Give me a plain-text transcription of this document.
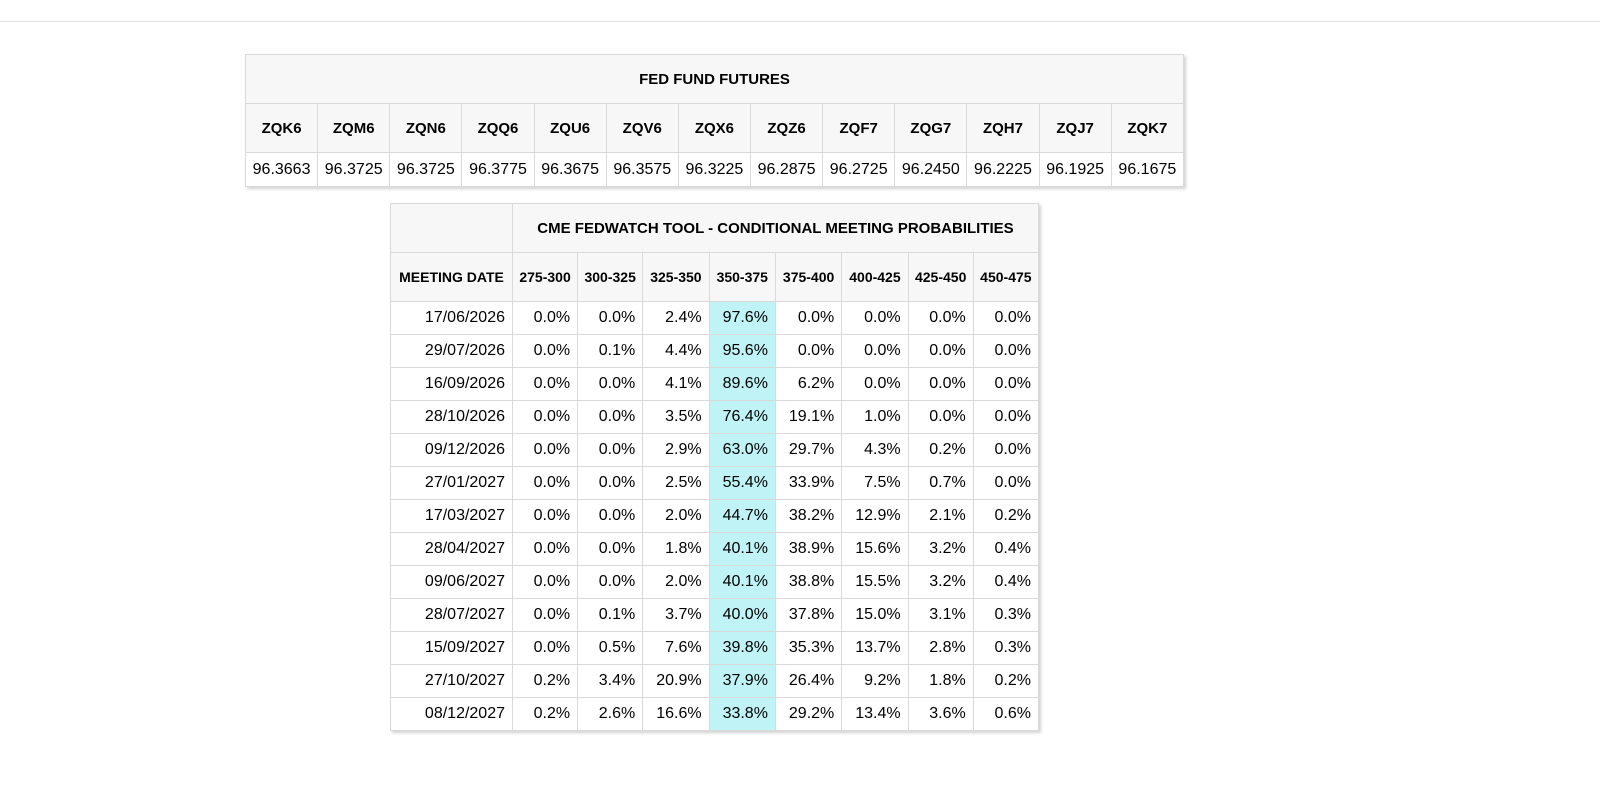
FED FUND FUTURES												
ZQK6	ZQM6	ZQN6	ZQQ6	ZQU6	ZQV6	ZQX6	ZQZ6	ZQF7	ZQG7	ZQH7	ZQJ7	ZQK7
96.3663	96.3725	96.3725	96.3775	96.3675	96.3575	96.3225	96.2875	96.2725	96.2450	96.2225	96.1925	96.1675
	CME FEDWATCH TOOL - CONDITIONAL MEETING PROBABILITIES							
MEETING DATE	275-300	300-325	325-350	350-375	375-400	400-425	425-450	450-475
17/06/2026	0.0%	0.0%	2.4%	97.6%	0.0%	0.0%	0.0%	0.0%
29/07/2026	0.0%	0.1%	4.4%	95.6%	0.0%	0.0%	0.0%	0.0%
16/09/2026	0.0%	0.0%	4.1%	89.6%	6.2%	0.0%	0.0%	0.0%
28/10/2026	0.0%	0.0%	3.5%	76.4%	19.1%	1.0%	0.0%	0.0%
09/12/2026	0.0%	0.0%	2.9%	63.0%	29.7%	4.3%	0.2%	0.0%
27/01/2027	0.0%	0.0%	2.5%	55.4%	33.9%	7.5%	0.7%	0.0%
17/03/2027	0.0%	0.0%	2.0%	44.7%	38.2%	12.9%	2.1%	0.2%
28/04/2027	0.0%	0.0%	1.8%	40.1%	38.9%	15.6%	3.2%	0.4%
09/06/2027	0.0%	0.0%	2.0%	40.1%	38.8%	15.5%	3.2%	0.4%
28/07/2027	0.0%	0.1%	3.7%	40.0%	37.8%	15.0%	3.1%	0.3%
15/09/2027	0.0%	0.5%	7.6%	39.8%	35.3%	13.7%	2.8%	0.3%
27/10/2027	0.2%	3.4%	20.9%	37.9%	26.4%	9.2%	1.8%	0.2%
08/12/2027	0.2%	2.6%	16.6%	33.8%	29.2%	13.4%	3.6%	0.6%
